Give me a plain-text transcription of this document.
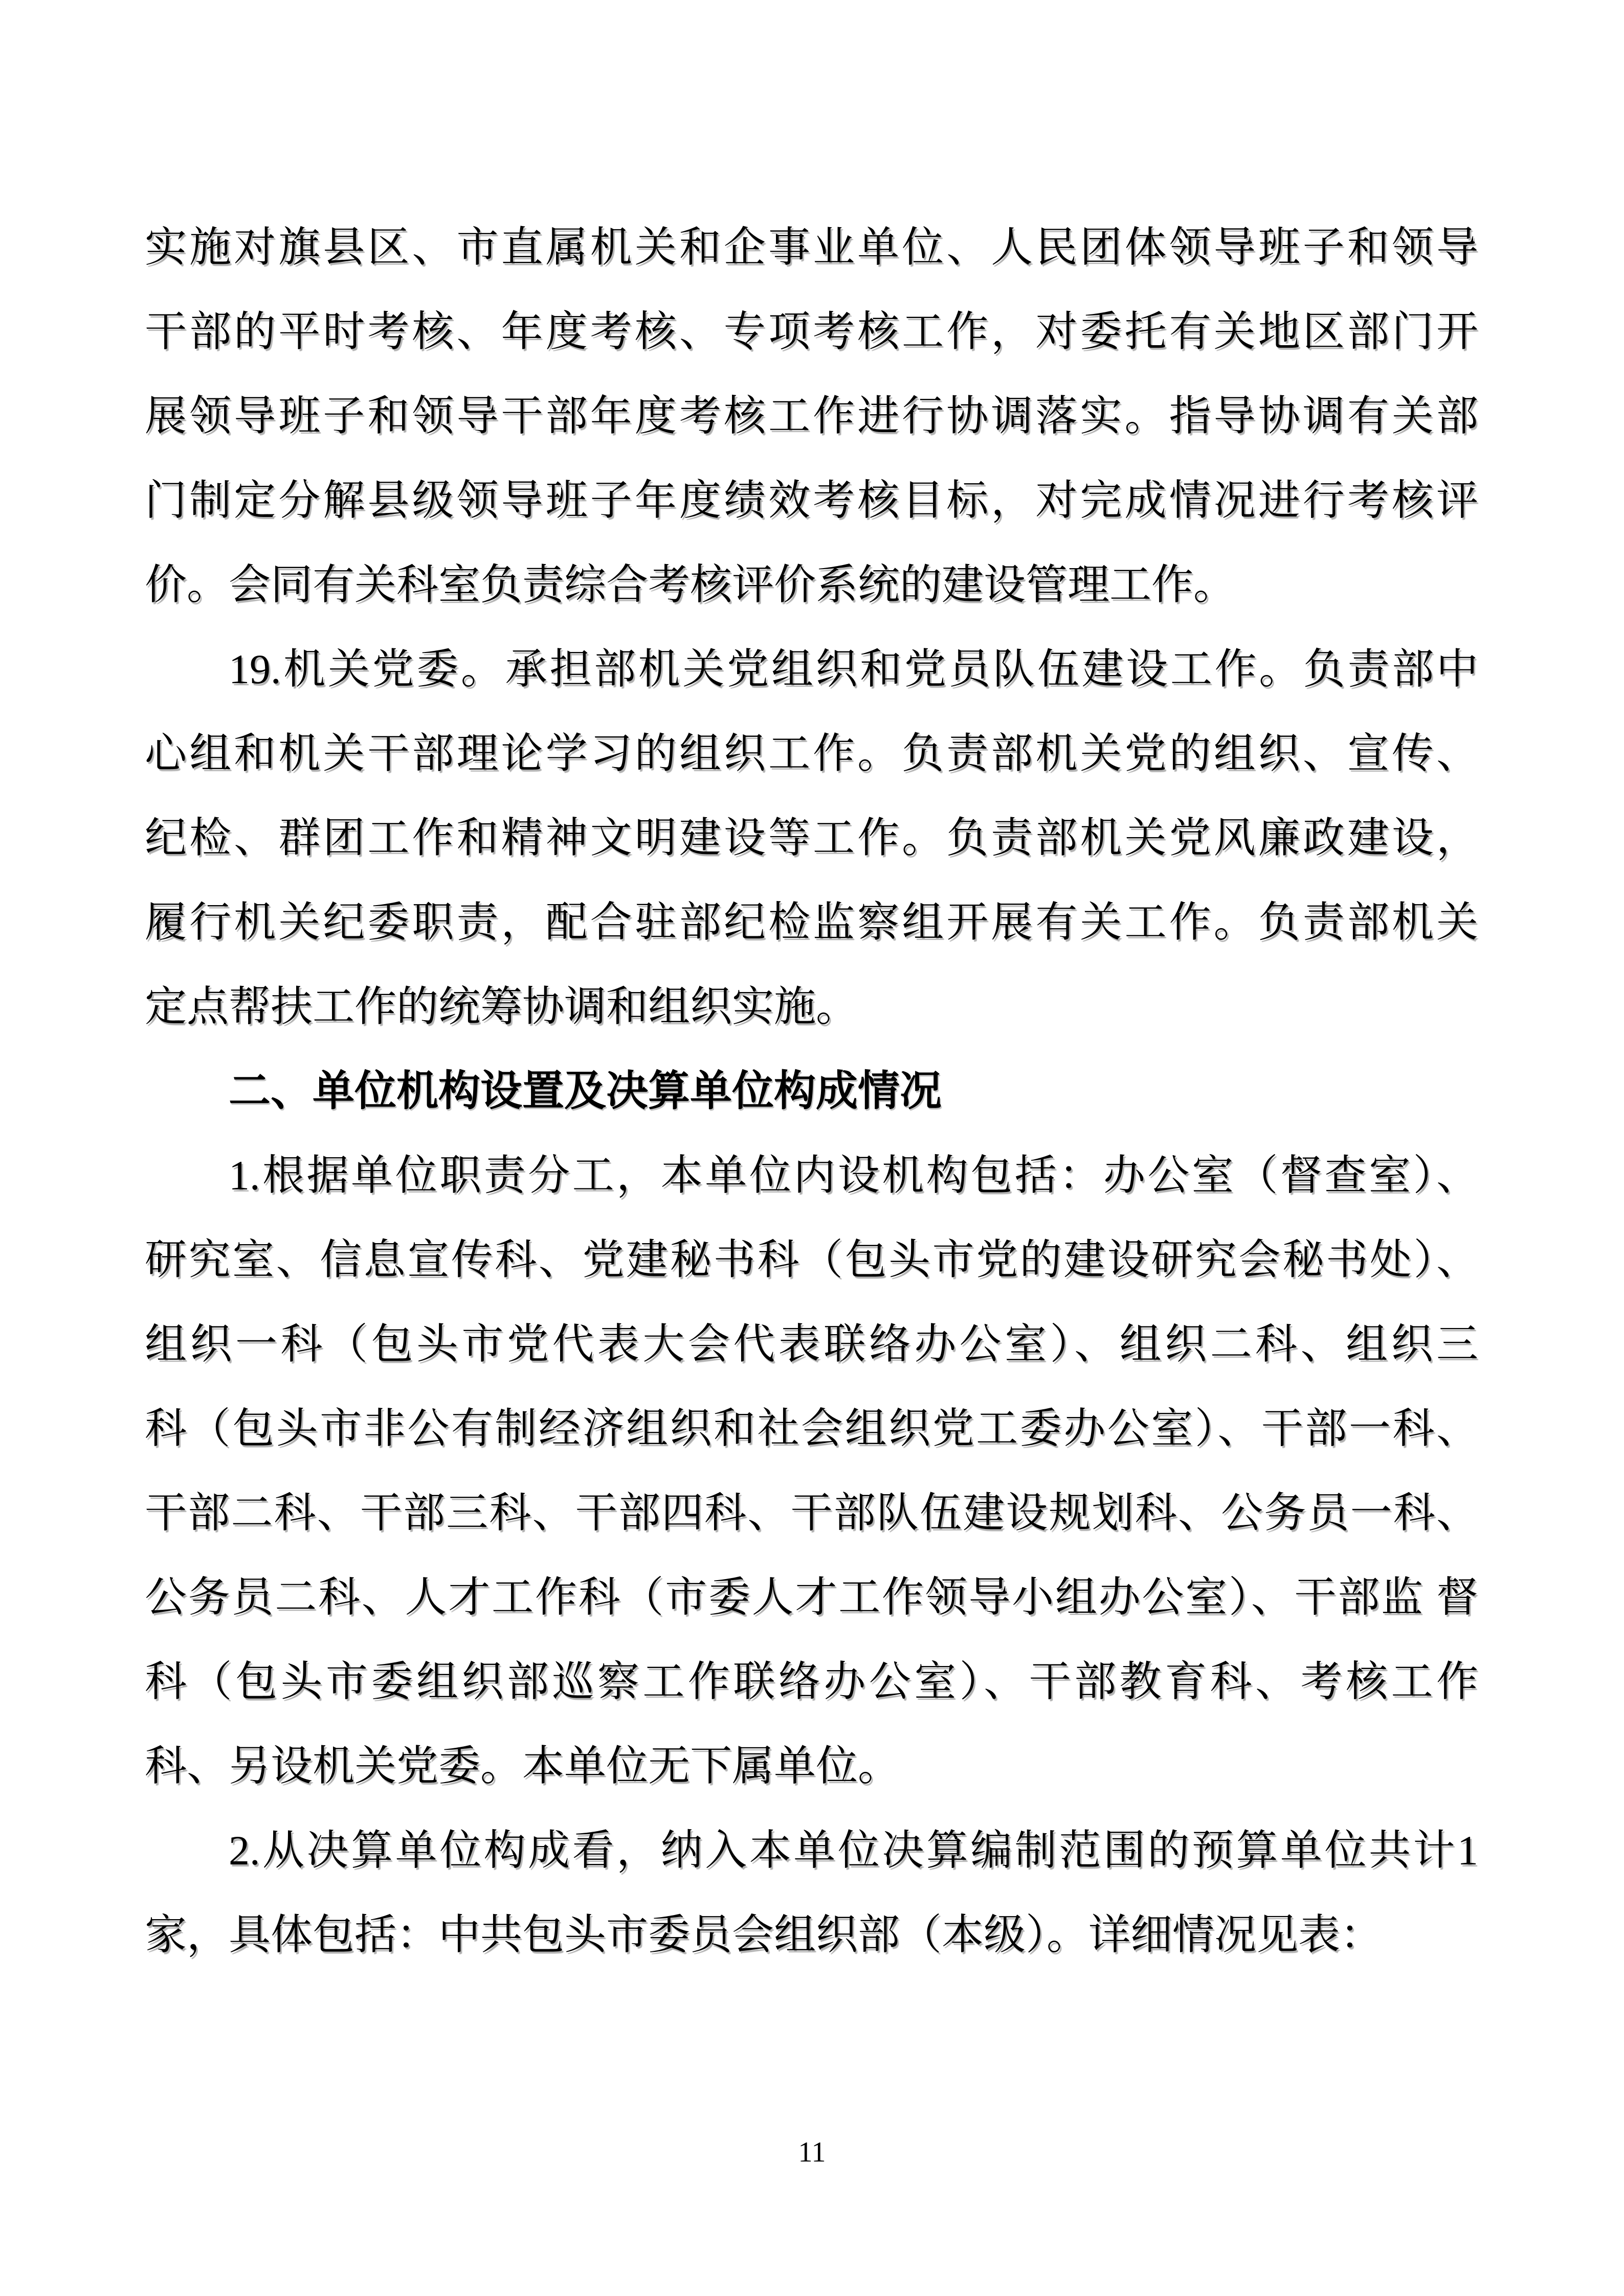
实施对旗县区、市直属机关和企事业单位、人民团体领导班子和领导
干部的平时考核、年度考核、专项考核工作，对委托有关地区部门开
展领导班子和领导干部年度考核工作进行协调落实。指导协调有关部
门制定分解县级领导班子年度绩效考核目标，对完成情况进行考核评
价。会同有关科室负责综合考核评价系统的建设管理工作。
19.机关党委。承担部机关党组织和党员队伍建设工作。负责部中
心组和机关干部理论学习的组织工作。负责部机关党的组织、宣传、
纪检、群团工作和精神文明建设等工作。负责部机关党风廉政建设，
履行机关纪委职责，配合驻部纪检监察组开展有关工作。负责部机关
定点帮扶工作的统筹协调和组织实施。
二、单位机构设置及决算单位构成情况
1.根据单位职责分工，本单位内设机构包括：办公室（督查室）、
研究室、信息宣传科、党建秘书科（包头市党的建设研究会秘书处）、
组织一科（包头市党代表大会代表联络办公室）、组织二科、组织三
科（包头市非公有制经济组织和社会组织党工委办公室）、干部一科、
干部二科、干部三科、干部四科、干部队伍建设规划科、公务员一科、
公务员二科、人才工作科（市委人才工作领导小组办公室）、干部监 督
科（包头市委组织部巡察工作联络办公室）、干部教育科、考核工作
科、另设机关党委。本单位无下属单位。
2.从决算单位构成看，纳入本单位决算编制范围的预算单位共计1
家，具体包括：中共包头市委员会组织部（本级）。详细情况见表：
11
